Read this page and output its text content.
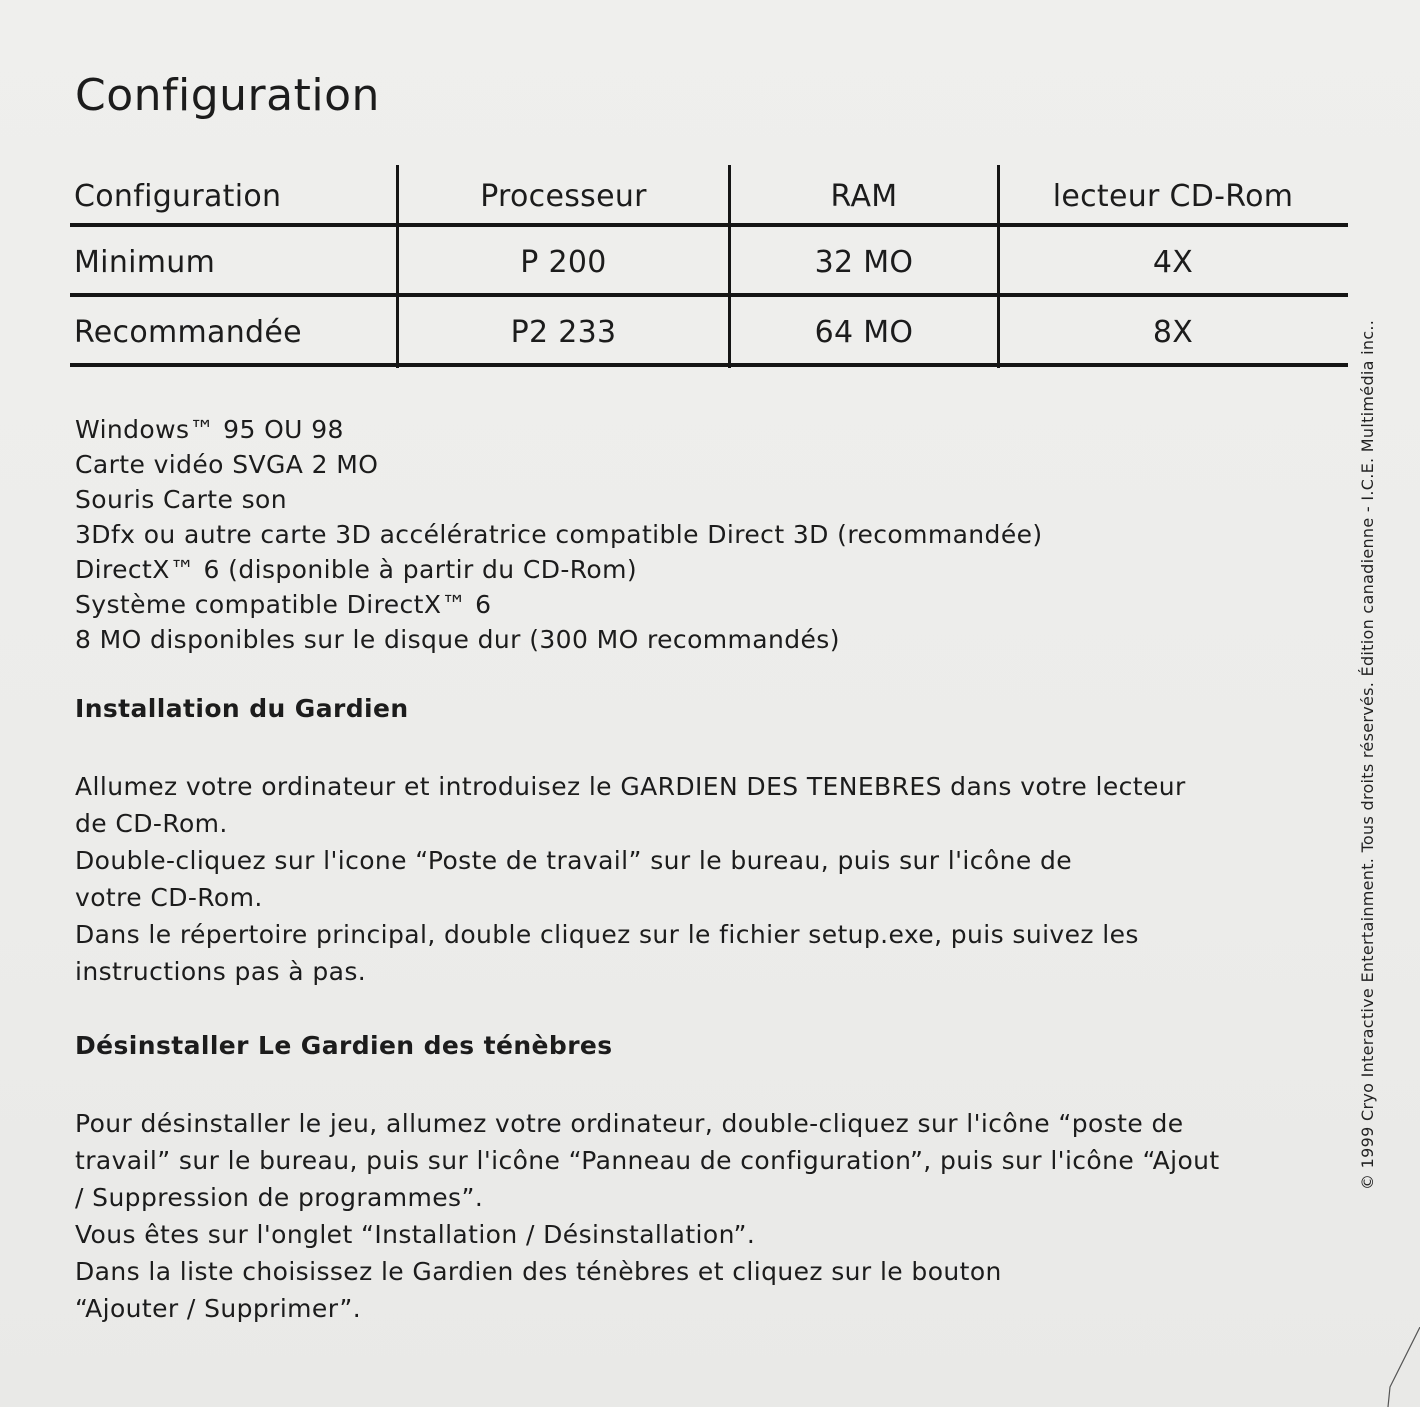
Configuration
Configuration	Processeur	RAM	lecteur CD-Rom
Minimum	P 200	32 MO	4X
Recommandée	P2 233	64 MO	8X
Windows™ 95 OU 98
Carte vidéo SVGA 2 MO
Souris Carte son
3Dfx ou autre carte 3D accélératrice compatible Direct 3D (recommandée)
DirectX™ 6 (disponible à partir du CD-Rom)
Système compatible DirectX™ 6
8 MO disponibles sur le disque dur (300 MO recommandés)
Installation du Gardien
Allumez votre ordinateur et introduisez le GARDIEN DES TENEBRES dans votre lecteur
de CD-Rom.
Double-cliquez sur l'icone “Poste de travail” sur le bureau, puis sur l'icône de
votre CD-Rom.
Dans le répertoire principal, double cliquez sur le fichier setup.exe, puis suivez les
instructions pas à pas.
Désinstaller Le Gardien des ténèbres
Pour désinstaller le jeu, allumez votre ordinateur, double-cliquez sur l'icône “poste de
travail” sur le bureau, puis sur l'icône “Panneau de configuration”, puis sur l'icône “Ajout
/ Suppression de programmes”.
Vous êtes sur l'onglet “Installation / Désinstallation”.
Dans la liste choisissez le Gardien des ténèbres et cliquez sur le bouton
“Ajouter / Supprimer”.
© 1999 Cryo Interactive Entertainment. Tous droits réservés. Édition canadienne - I.C.E. Multimédia inc..
